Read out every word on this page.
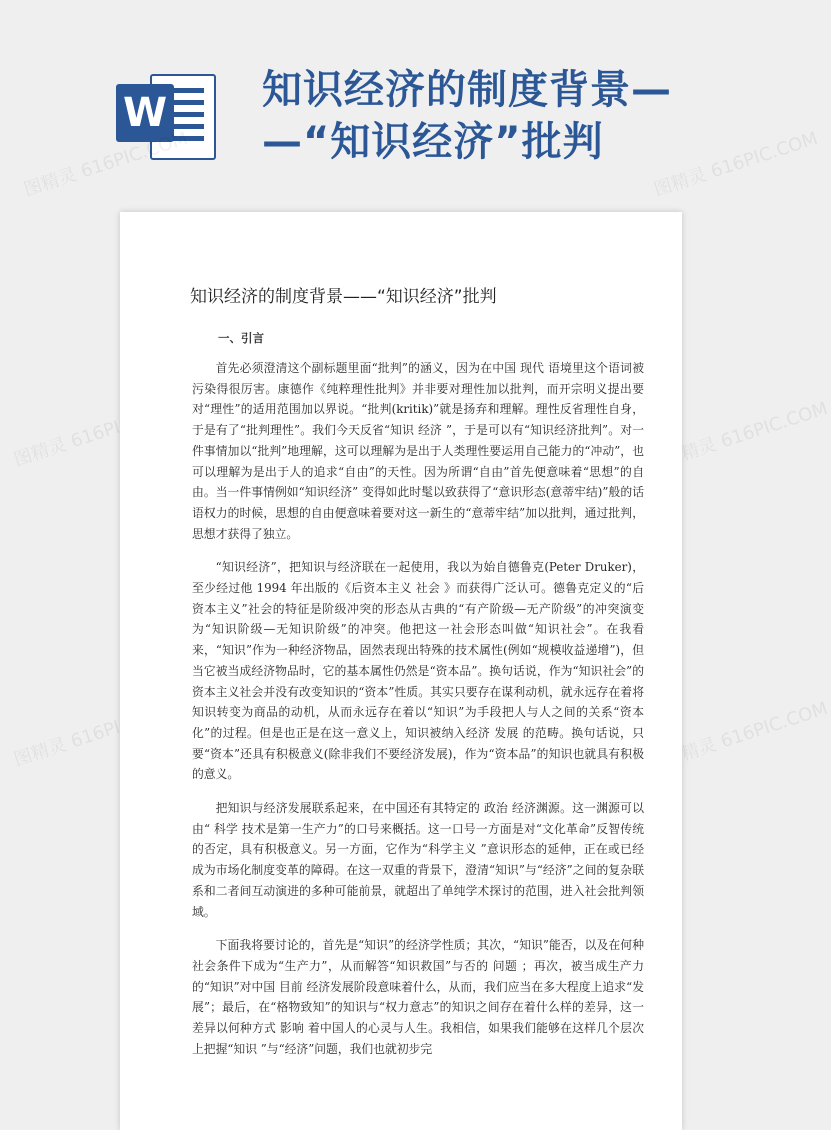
W 知识经济的制度背景—
—“知识经济”批判
图精灵 616PIC.COM	图精灵 616PIC.COM
图精灵 616PIC.COM	图精灵 616PIC.COM
图精灵 616PIC.COM	图精灵 616PIC.COM
知识经济的制度背景——“知识经济”批判
一、引言

首先必须澄清这个副标题里面“批判”的涵义，因为在中国 现代 语境里这个语词被污染得很厉害。康德作《纯粹理性批判》并非要对理性加以批判，而开宗明义提出要对“理性”的适用范围加以界说。“批判(kritik)”就是扬弃和理解。理性反省理性自身，于是有了“批判理性”。我们今天反省“知识 经济 ”，于是可以有“知识经济批判”。对一件事情加以“批判”地理解，这可以理解为是出于人类理性要运用自己能力的“冲动”，也可以理解为是出于人的追求“自由”的天性。因为所谓“自由”首先便意味着“思想”的自由。当一件事情例如“知识经济” 变得如此时髦以致获得了“意识形态(意蒂牢结)”般的话语权力的时候，思想的自由便意味着要对这一新生的“意蒂牢结”加以批判，通过批判，思想才获得了独立。

“知识经济”，把知识与经济联在一起使用，我以为始自德鲁克(Peter Druker)，至少经过他 1994 年出版的《后资本主义 社会 》而获得广泛认可。德鲁克定义的“后资本主义”社会的特征是阶级冲突的形态从古典的“有产阶级—无产阶级”的冲突演变为“知识阶级—无知识阶级”的冲突。他把这一社会形态叫做“知识社会”。在我看来，“知识”作为一种经济物品，固然表现出特殊的技术属性(例如“规模收益递增”)，但当它被当成经济物品时，它的基本属性仍然是“资本品”。换句话说，作为“知识社会”的资本主义社会并没有改变知识的“资本”性质。其实只要存在谋利动机，就永远存在着将知识转变为商品的动机，从而永远存在着以“知识”为手段把人与人之间的关系“资本化”的过程。但是也正是在这一意义上，知识被纳入经济 发展 的范畴。换句话说，只要“资本”还具有积极意义(除非我们不要经济发展)，作为“资本品”的知识也就具有积极的意义。

把知识与经济发展联系起来，在中国还有其特定的 政治 经济渊源。这一渊源可以由“ 科学 技术是第一生产力”的口号来概括。这一口号一方面是对“文化革命”反智传统的否定，具有积极意义。另一方面，它作为“科学主义 ”意识形态的延伸，正在或已经成为市场化制度变革的障碍。在这一双重的背景下，澄清“知识”与“经济”之间的复杂联系和二者间互动演进的多种可能前景，就超出了单纯学术探讨的范围，进入社会批判领域。

下面我将要讨论的，首先是“知识”的经济学性质；其次，“知识”能否，以及在何种社会条件下成为“生产力”，从而解答“知识救国”与否的 问题 ；再次，被当成生产力的“知识”对中国 目前 经济发展阶段意味着什么，从而，我们应当在多大程度上追求“发展”；最后，在“格物致知”的知识与“权力意志”的知识之间存在着什么样的差异，这一差异以何种方式 影响 着中国人的心灵与人生。我相信，如果我们能够在这样几个层次上把握“知识 ”与“经济”问题，我们也就初步完
